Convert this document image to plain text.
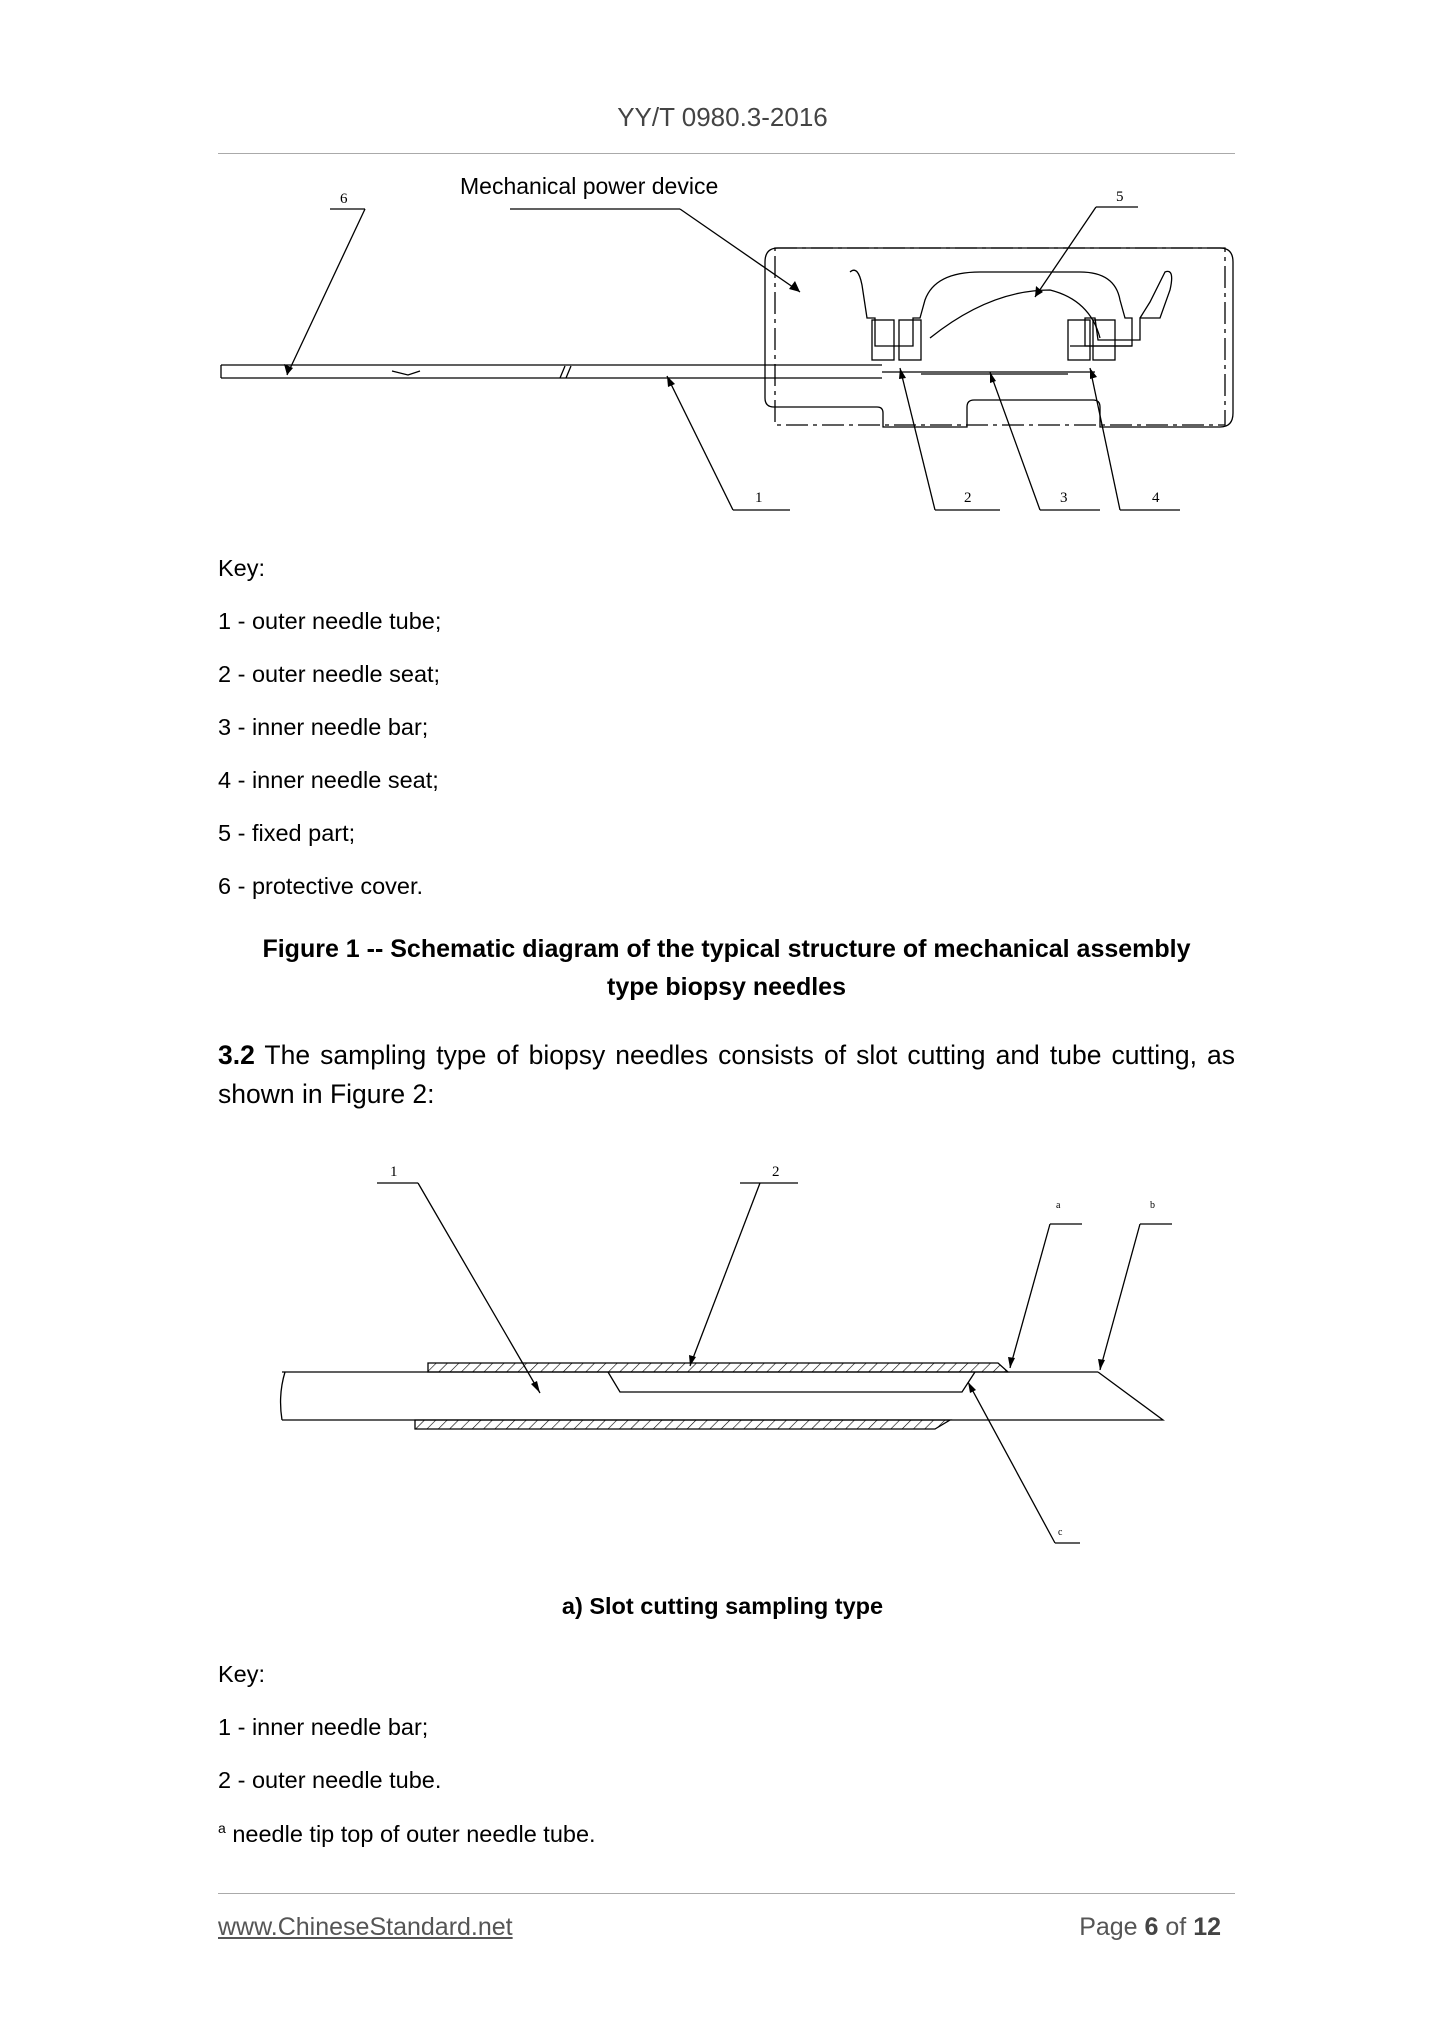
YY/T 0980.3-2016
6	5
1	2	3	4
Mechanical power device
Key:
1 - outer needle tube;
2 - outer needle seat;
3 - inner needle bar;
4 - inner needle seat;
5 - fixed part;
6 - protective cover.
Figure 1 -- Schematic diagram of the typical structure of mechanical assembly
type biopsy needles
3.2 The sampling type of biopsy needles consists of slot cutting and tube cutting, as shown in Figure 2:
1	2
a	b
c
a) Slot cutting sampling type
Key:
1 - inner needle bar;
2 - outer needle tube.
$^a$ needle tip top of outer needle tube.
www.ChineseStandard.net	Page 6 of 12
